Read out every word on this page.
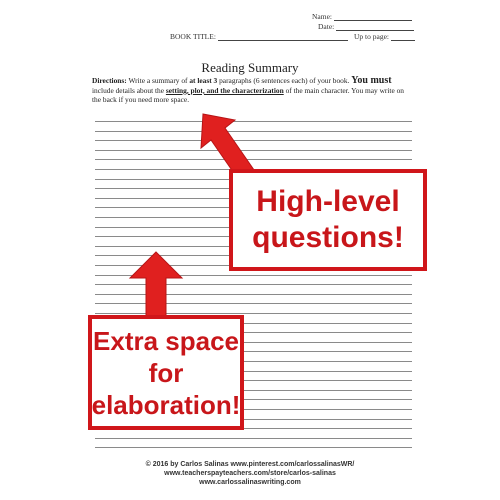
Name:
Date:
BOOK TITLE:	Up to page:
Reading Summary
Directions: Write a summary of at least 3 paragraphs (6 sentences each) of your book. You must include details about the setting, plot, and the characterization of the main character. You may write on the back if you need more space.
High-level
questions!
Extra space
for
elaboration!
© 2016 by Carlos Salinas www.pinterest.com/carlossalinasWR/
www.teacherspayteachers.com/store/carlos-salinas
www.carlossalinaswriting.com
